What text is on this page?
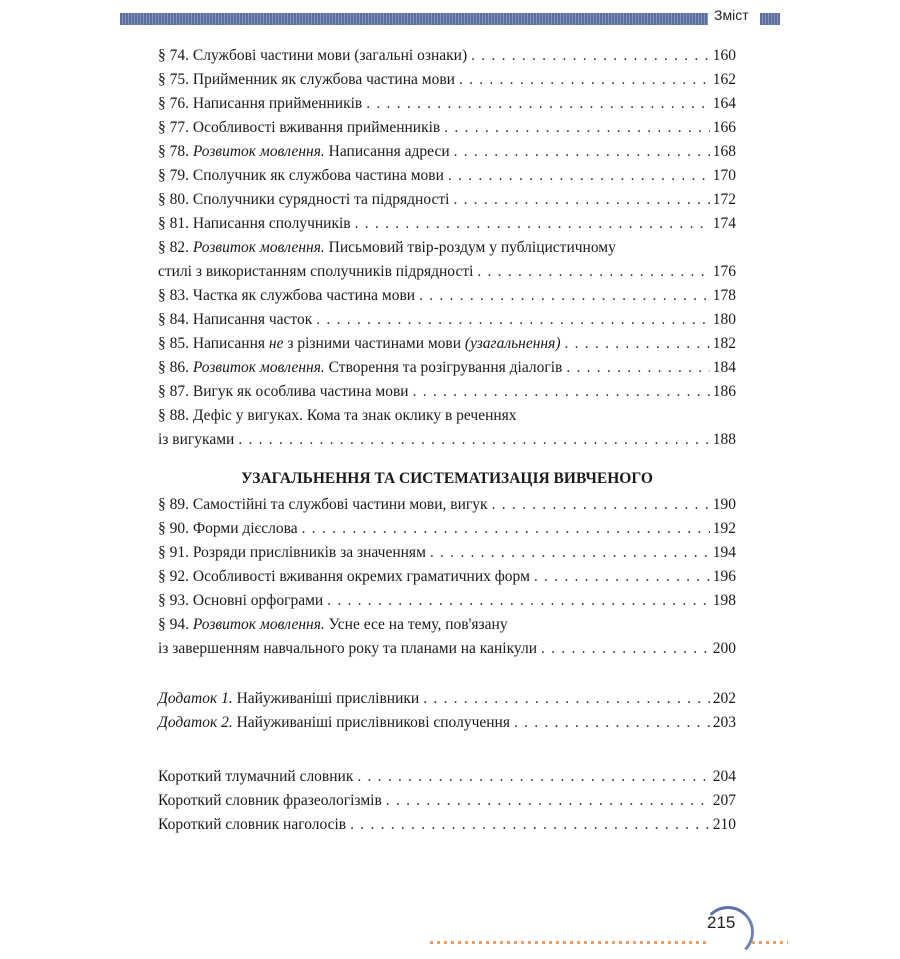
Зміст
§ 74. Службові частини мови (загальні ознаки) . . .	160
§ 75. Прийменник як службова частина мови . . .	162
§ 76. Написання прийменників . . .	164
§ 77. Особливості вживання прийменників . . .	166
§ 78. Розвиток мовлення. Написання адреси . . .	168
§ 79. Сполучник як службова частина мови . . .	170
§ 80. Сполучники сурядності та підрядності . . .	172
§ 81. Написання сполучників . . .	174
§ 82. Розвиток мовлення. Письмовий твір-роздум у публіцистичному
стилі з використанням сполучників підрядності . . .	176
§ 83. Частка як службова частина мови . . .	178
§ 84. Написання часток . . .	180
§ 85. Написання не з різними частинами мови (узагальнення) . . .	182
§ 86. Розвиток мовлення. Створення та розігрування діалогів . . .	184
§ 87. Вигук як особлива частина мови . . .	186
§ 88. Дефіс у вигуках. Кома та знак оклику в реченнях
із вигуками . . .	188
УЗАГАЛЬНЕННЯ ТА СИСТЕМАТИЗАЦІЯ ВИВЧЕНОГО
§ 89. Самостійні та службові частини мови, вигук . . .	190
§ 90. Форми дієслова . . .	192
§ 91. Розряди прислівників за значенням . . .	194
§ 92. Особливості вживання окремих граматичних форм . . .	196
§ 93. Основні орфограми . . .	198
§ 94. Розвиток мовлення. Усне есе на тему, пов'язану
із завершенням навчального року та планами на канікули . . .	200
Додаток 1. Найуживаніші прислівники . . .	202
Додаток 2. Найуживаніші прислівникові сполучення . . .	203
Короткий тлумачний словник . . .	204
Короткий словник фразеологізмів . . .	207
Короткий словник наголосів . . .	210
215
